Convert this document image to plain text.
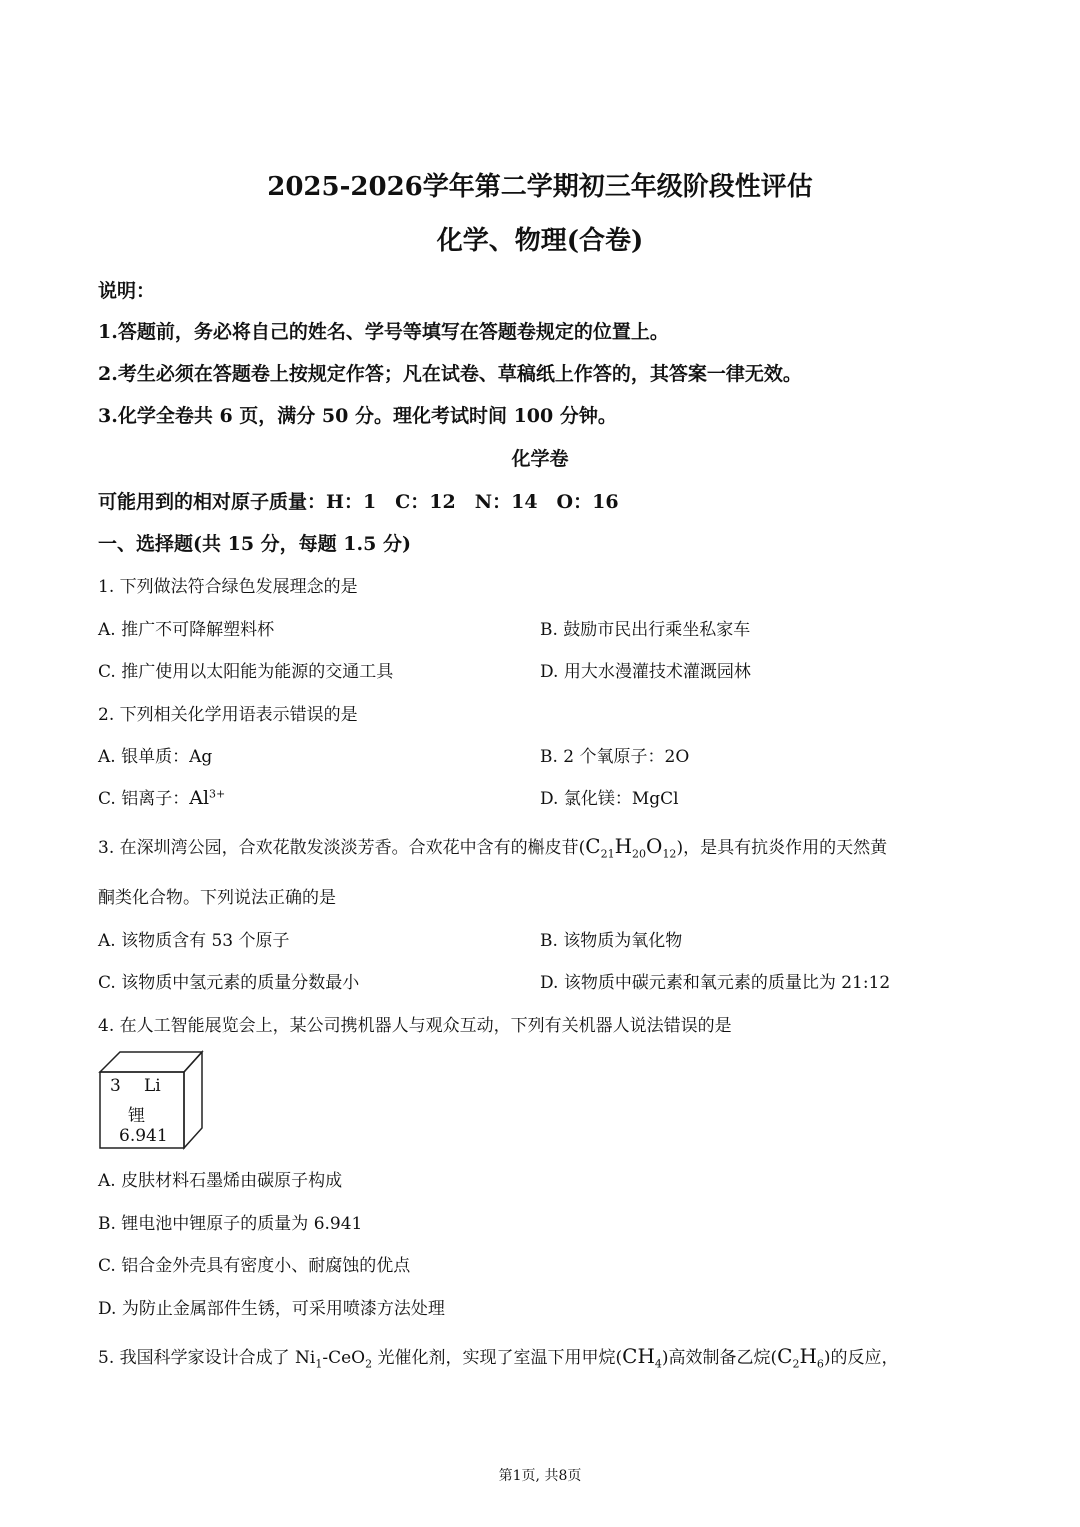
2025-2026学年第二学期初三年级阶段性评估
化学、物理(合卷)
说明：
1.答题前，务必将自己的姓名、学号等填写在答题卷规定的位置上。
2.考生必须在答题卷上按规定作答；凡在试卷、草稿纸上作答的，其答案一律无效。
3.化学全卷共 6 页，满分 50 分。理化考试时间 100 分钟。
化学卷
可能用到的相对原子质量：H：1　C：12　N：14　O：16
一、选择题(共 15 分，每题 1.5 分)
1. 下列做法符合绿色发展理念的是
A. 推广不可降解塑料杯	B. 鼓励市民出行乘坐私家车
C. 推广使用以太阳能为能源的交通工具	D. 用大水漫灌技术灌溉园林
2. 下列相关化学用语表示错误的是
A. 银单质：Ag	B. 2 个氧原子：2O
C. 铝离子：$Al^{3+}$	D. 氯化镁：MgCl
3. 在深圳湾公园，合欢花散发淡淡芳香。合欢花中含有的槲皮苷$(C_{21}H_{20}O_{12})$，是具有抗炎作用的天然黄
酮类化合物。下列说法正确的是
A. 该物质含有 53 个原子	B. 该物质为氧化物
C. 该物质中氢元素的质量分数最小	D. 该物质中碳元素和氧元素的质量比为 21:12
4. 在人工智能展览会上，某公司携机器人与观众互动，下列有关机器人说法错误的是
3 Li
锂
6.941
A. 皮肤材料石墨烯由碳原子构成
B. 锂电池中锂原子的质量为 6.941
C. 铝合金外壳具有密度小、耐腐蚀的优点
D. 为防止金属部件生锈，可采用喷漆方法处理
5. 我国科学家设计合成了 $Ni_1-CeO_2$ 光催化剂，实现了室温下用甲烷$(CH_4)$高效制备乙烷$(C_2H_6)$的反应，
第1页, 共8页
